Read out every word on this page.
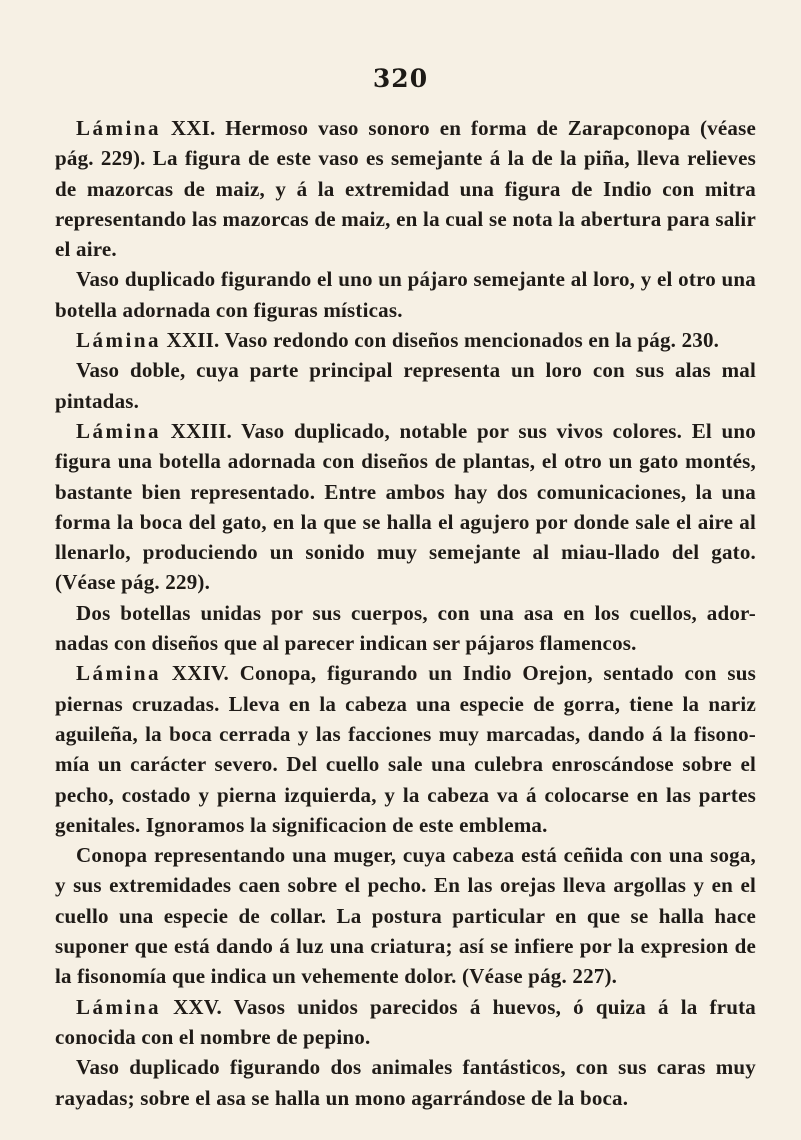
320

Lámina XXI. Hermoso vaso sonoro en forma de Zarapconopa (véase pág. 229). La figura de este vaso es semejante á la de la piña, lleva relieves de mazorcas de maiz, y á la extremidad una figura de Indio con mitra representando las mazorcas de maiz, en la cual se nota la abertura para salir el aire.

Vaso duplicado figurando el uno un pájaro semejante al loro, y el otro una botella adornada con figuras místicas.

Lámina XXII. Vaso redondo con diseños mencionados en la pág. 230.

Vaso doble, cuya parte principal representa un loro con sus alas mal pintadas.

Lámina XXIII. Vaso duplicado, notable por sus vivos colores. El uno figura una botella adornada con diseños de plantas, el otro un gato montés, bastante bien representado. Entre ambos hay dos comunicaciones, la una forma la boca del gato, en la que se halla el agujero por donde sale el aire al llenarlo, produciendo un sonido muy semejante al miau-llado del gato. (Véase pág. 229).

Dos botellas unidas por sus cuerpos, con una asa en los cuellos, ador-nadas con diseños que al parecer indican ser pájaros flamencos.

Lámina XXIV. Conopa, figurando un Indio Orejon, sentado con sus piernas cruzadas. Lleva en la cabeza una especie de gorra, tiene la nariz aguileña, la boca cerrada y las facciones muy marcadas, dando á la fisono-mía un carácter severo. Del cuello sale una culebra enroscándose sobre el pecho, costado y pierna izquierda, y la cabeza va á colocarse en las partes genitales. Ignoramos la significacion de este emblema.

Conopa representando una muger, cuya cabeza está ceñida con una soga, y sus extremidades caen sobre el pecho. En las orejas lleva argollas y en el cuello una especie de collar. La postura particular en que se halla hace suponer que está dando á luz una criatura; así se infiere por la expresion de la fisonomía que indica un vehemente dolor. (Véase pág. 227).

Lámina XXV. Vasos unidos parecidos á huevos, ó quiza á la fruta conocida con el nombre de pepino.

Vaso duplicado figurando dos animales fantásticos, con sus caras muy rayadas; sobre el asa se halla un mono agarrándose de la boca.
